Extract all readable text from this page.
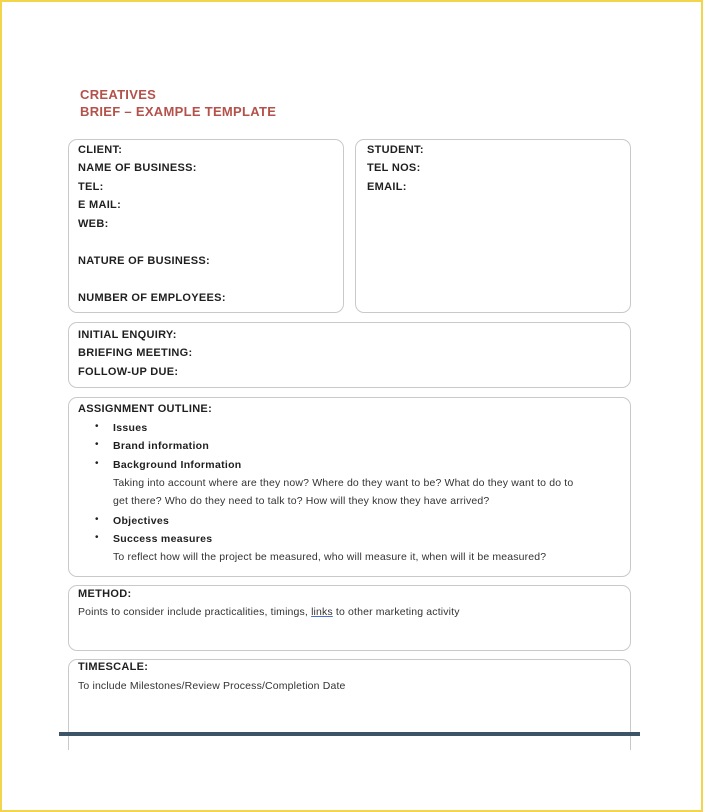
CREATIVES
BRIEF – EXAMPLE TEMPLATE
CLIENT:
NAME OF BUSINESS:
TEL:
E MAIL:
WEB:
NATURE OF BUSINESS:
NUMBER OF EMPLOYEES:
STUDENT:
TEL NOS:
EMAIL:
INITIAL ENQUIRY:
BRIEFING MEETING:
FOLLOW-UP DUE:
ASSIGNMENT OUTLINE:
• Issues
• Brand information
• Background Information
Taking into account where are they now? Where do they want to be? What do they want to do to
get there? Who do they need to talk to? How will they know they have arrived?
• Objectives
• Success measures
To reflect how will the project be measured, who will measure it, when will it be measured?
METHOD:
Points to consider include practicalities, timings, links to other marketing activity
TIMESCALE:
To include Milestones/Review Process/Completion Date
